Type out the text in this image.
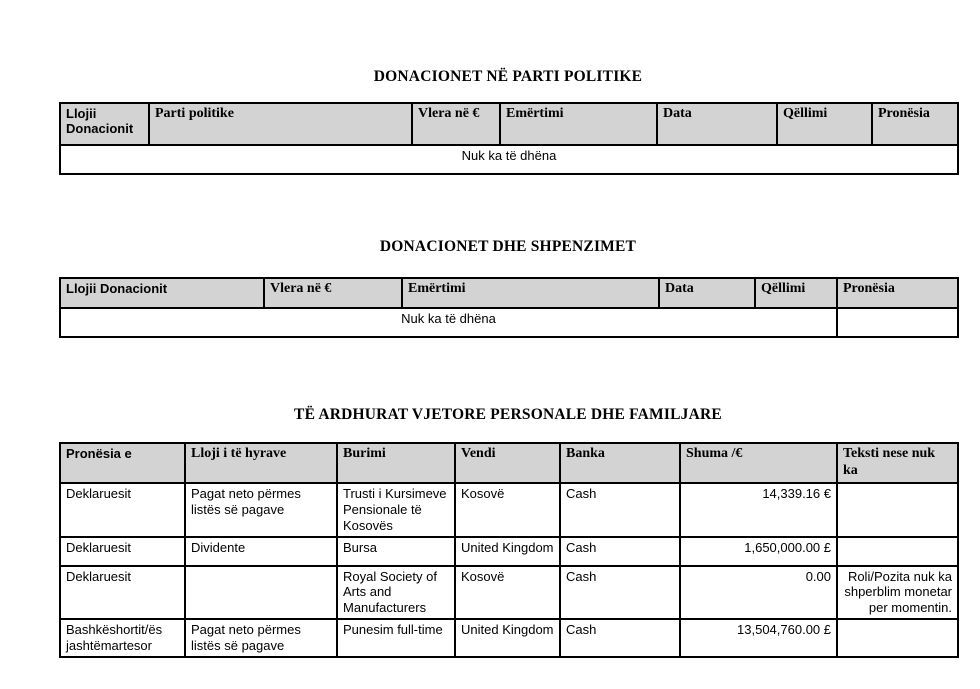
DONACIONET NË PARTI POLITIKE
Llojii Donacionit	Parti politike	Vlera në €	Emërtimi	Data	Qëllimi	Pronësia
Nuk ka të dhëna
DONACIONET DHE SHPENZIMET
Llojii Donacionit	Vlera në €	Emërtimi	Data	Qëllimi	Pronësia
Nuk ka të dhëna					
TË ARDHURAT VJETORE PERSONALE DHE FAMILJARE
Pronësia e	Lloji i të hyrave	Burimi	Vendi	Banka	Shuma /€	Teksti nese nuk ka
Deklaruesit	Pagat neto përmes listës së pagave	Trusti i Kursimeve Pensionale të Kosovës	Kosovë	Cash	14,339.16 €	
Deklaruesit	Dividente	Bursa	United Kingdom	Cash	1,650,000.00 £	
Deklaruesit		Royal Society of Arts and Manufacturers	Kosovë	Cash	0.00	Roli/Pozita nuk ka shperblim monetar per momentin.
Bashkëshortit/ës jashtëmartesor	Pagat neto përmes listës së pagave	Punesim full-time	United Kingdom	Cash	13,504,760.00 £	
